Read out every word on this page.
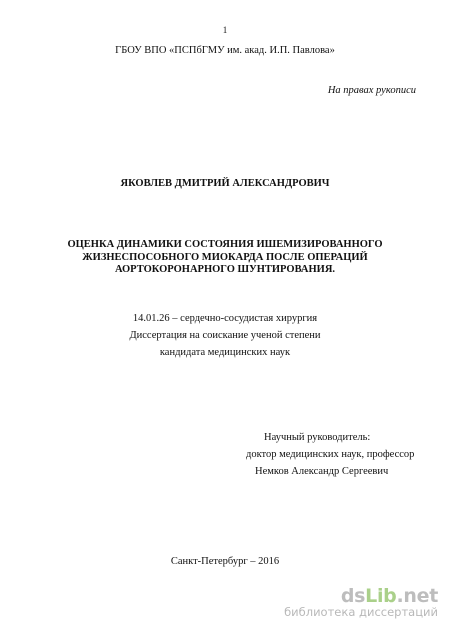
1
ГБОУ ВПО «ПСПбГМУ им. акад. И.П. Павлова»
На правах рукописи
ЯКОВЛЕВ ДМИТРИЙ АЛЕКСАНДРОВИЧ
ОЦЕНКА ДИНАМИКИ СОСТОЯНИЯ ИШЕМИЗИРОВАННОГО
ЖИЗНЕСПОСОБНОГО МИОКАРДА ПОСЛЕ ОПЕРАЦИЙ
АОРТОКОРОНАРНОГО ШУНТИРОВАНИЯ.
14.01.26 – сердечно-сосудистая хирургия
Диссертация на соискание ученой степени
кандидата медицинских наук
Научный руководитель:
доктор медицинских наук, профессор
Немков Александр Сергеевич
Санкт-Петербург – 2016
dsLib.net
библиотека диссертаций
